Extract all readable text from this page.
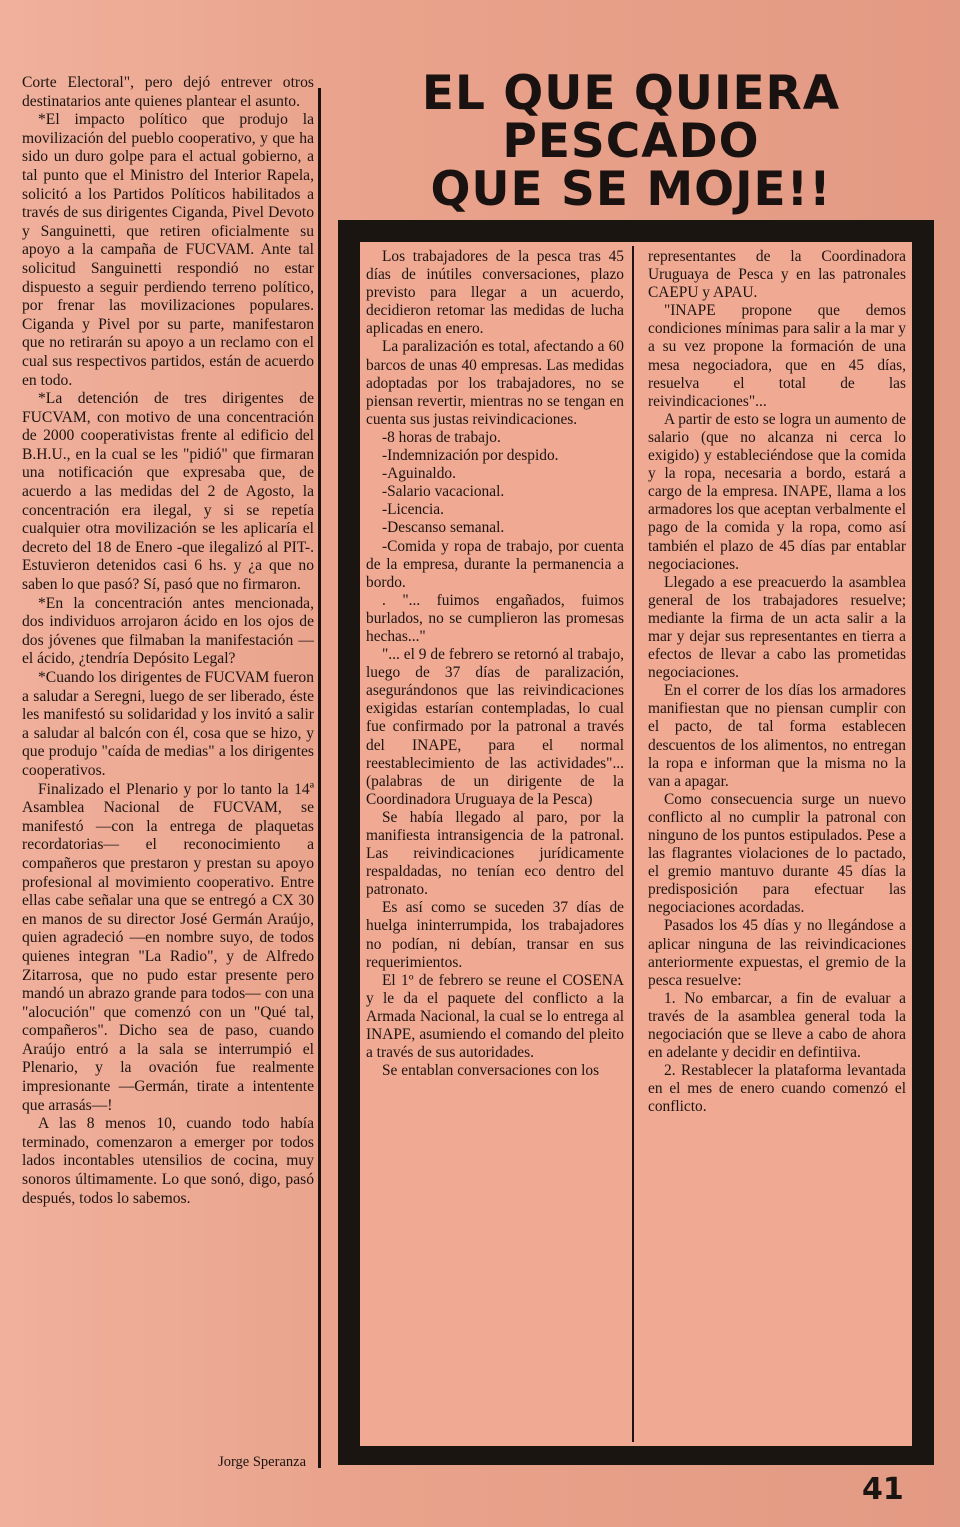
Corte Electoral", pero dejó entrever otros destinatarios ante quienes plantear el asunto.

*El impacto político que produjo la movilización del pueblo cooperativo, y que ha sido un duro golpe para el actual gobierno, a tal punto que el Ministro del Interior Rapela, solicitó a los Partidos Políticos habilitados a través de sus dirigentes Ciganda, Pivel Devoto y Sanguinetti, que retiren oficialmente su apoyo a la campaña de FUCVAM. Ante tal solicitud Sanguinetti respondió no estar dispuesto a seguir perdiendo terreno político, por frenar las movilizaciones populares. Ciganda y Pivel por su parte, manifestaron que no retirarán su apoyo a un reclamo con el cual sus respectivos partidos, están de acuerdo en todo.

*La detención de tres dirigentes de FUCVAM, con motivo de una concentración de 2000 cooperativistas frente al edificio del B.H.U., en la cual se les "pidió" que firmaran una notificación que expresaba que, de acuerdo a las medidas del 2 de Agosto, la concentración era ilegal, y si se repetía cualquier otra movilización se les aplicaría el decreto del 18 de Enero -que ilegalizó al PIT-. Estuvieron detenidos casi 6 hs. y ¿a que no saben lo que pasó? Sí, pasó que no firmaron.

*En la concentración antes mencionada, dos individuos arrojaron ácido en los ojos de dos jóvenes que filmaban la manifestación —el ácido, ¿tendría Depósito Legal?

*Cuando los dirigentes de FUCVAM fueron a saludar a Seregni, luego de ser liberado, éste les manifestó su solidaridad y los invitó a salir a saludar al balcón con él, cosa que se hizo, y que produjo "caída de medias" a los dirigentes cooperativos.

Finalizado el Plenario y por lo tanto la 14ª Asamblea Nacional de FUCVAM, se manifestó —con la entrega de plaquetas recordatorias— el reconocimiento a compañeros que prestaron y prestan su apoyo profesional al movimiento cooperativo. Entre ellas cabe señalar una que se entregó a CX 30 en manos de su director José Germán Araújo, quien agradeció —en nombre suyo, de todos quienes integran "La Radio", y de Alfredo Zitarrosa, que no pudo estar presente pero mandó un abrazo grande para todos— con una "alocución" que comenzó con un "Qué tal, compañeros". Dicho sea de paso, cuando Araújo entró a la sala se interrumpió el Plenario, y la ovación fue realmente impresionante —Germán, tirate a intentente que arrasás—!

A las 8 menos 10, cuando todo había terminado, comenzaron a emerger por todos lados incontables utensilios de cocina, muy sonoros últimamente. Lo que sonó, digo, pasó después, todos lo sabemos.

Jorge Speranza
EL QUE QUIERA
PESCADO
QUE SE MOJE!!

Los trabajadores de la pesca tras 45 días de inútiles conversaciones, plazo previsto para llegar a un acuerdo, decidieron retomar las medidas de lucha aplicadas en enero.

La paralización es total, afectando a 60 barcos de unas 40 empresas. Las medidas adoptadas por los trabajadores, no se piensan revertir, mientras no se tengan en cuenta sus justas reivindicaciones.

-8 horas de trabajo.

-Indemnización por despido.

-Aguinaldo.

-Salario vacacional.

-Licencia.

-Descanso semanal.

-Comida y ropa de trabajo, por cuenta de la empresa, durante la permanencia a bordo.

. "... fuimos engañados, fuimos burlados, no se cumplieron las promesas hechas..."

"... el 9 de febrero se retornó al trabajo, luego de 37 días de paralización, asegurándonos que las reivindicaciones exigidas estarían contempladas, lo cual fue confirmado por la patronal a través del INAPE, para el normal reestablecimiento de las actividades"... (palabras de un dirigente de la Coordinadora Uruguaya de la Pesca)

Se había llegado al paro, por la manifiesta intransigencia de la patronal. Las reivindicaciones jurídicamente respaldadas, no tenían eco dentro del patronato.

Es así como se suceden 37 días de huelga ininterrumpida, los trabajadores no podían, ni debían, transar en sus requerimientos.

El 1º de febrero se reune el COSENA y le da el paquete del conflicto a la Armada Nacional, la cual se lo entrega al INAPE, asumiendo el comando del pleito a través de sus autoridades.

Se entablan conversaciones con los

representantes de la Coordinadora Uruguaya de Pesca y en las patronales CAEPU y APAU.

"INAPE propone que demos condiciones mínimas para salir a la mar y a su vez propone la formación de una mesa negociadora, que en 45 días, resuelva el total de las reivindicaciones"...

A partir de esto se logra un aumento de salario (que no alcanza ni cerca lo exigido) y estableciéndose que la comida y la ropa, necesaria a bordo, estará a cargo de la empresa. INAPE, llama a los armadores los que aceptan verbalmente el pago de la comida y la ropa, como así también el plazo de 45 días par entablar negociaciones.

Llegado a ese preacuerdo la asamblea general de los trabajadores resuelve; mediante la firma de un acta salir a la mar y dejar sus representantes en tierra a efectos de llevar a cabo las prometidas negociaciones.

En el correr de los días los armadores manifiestan que no piensan cumplir con el pacto, de tal forma establecen descuentos de los alimentos, no entregan la ropa e informan que la misma no la van a apagar.

Como consecuencia surge un nuevo conflicto al no cumplir la patronal con ninguno de los puntos estipulados. Pese a las flagrantes violaciones de lo pactado, el gremio mantuvo durante 45 días la predisposición para efectuar las negociaciones acordadas.

Pasados los 45 días y no llegándose a aplicar ninguna de las reivindicaciones anteriormente expuestas, el gremio de la pesca resuelve:

1. No embarcar, a fin de evaluar a través de la asamblea general toda la negociación que se lleve a cabo de ahora en adelante y decidir en defintiiva.

2. Restablecer la plataforma levantada en el mes de enero cuando comenzó el conflicto.

41
